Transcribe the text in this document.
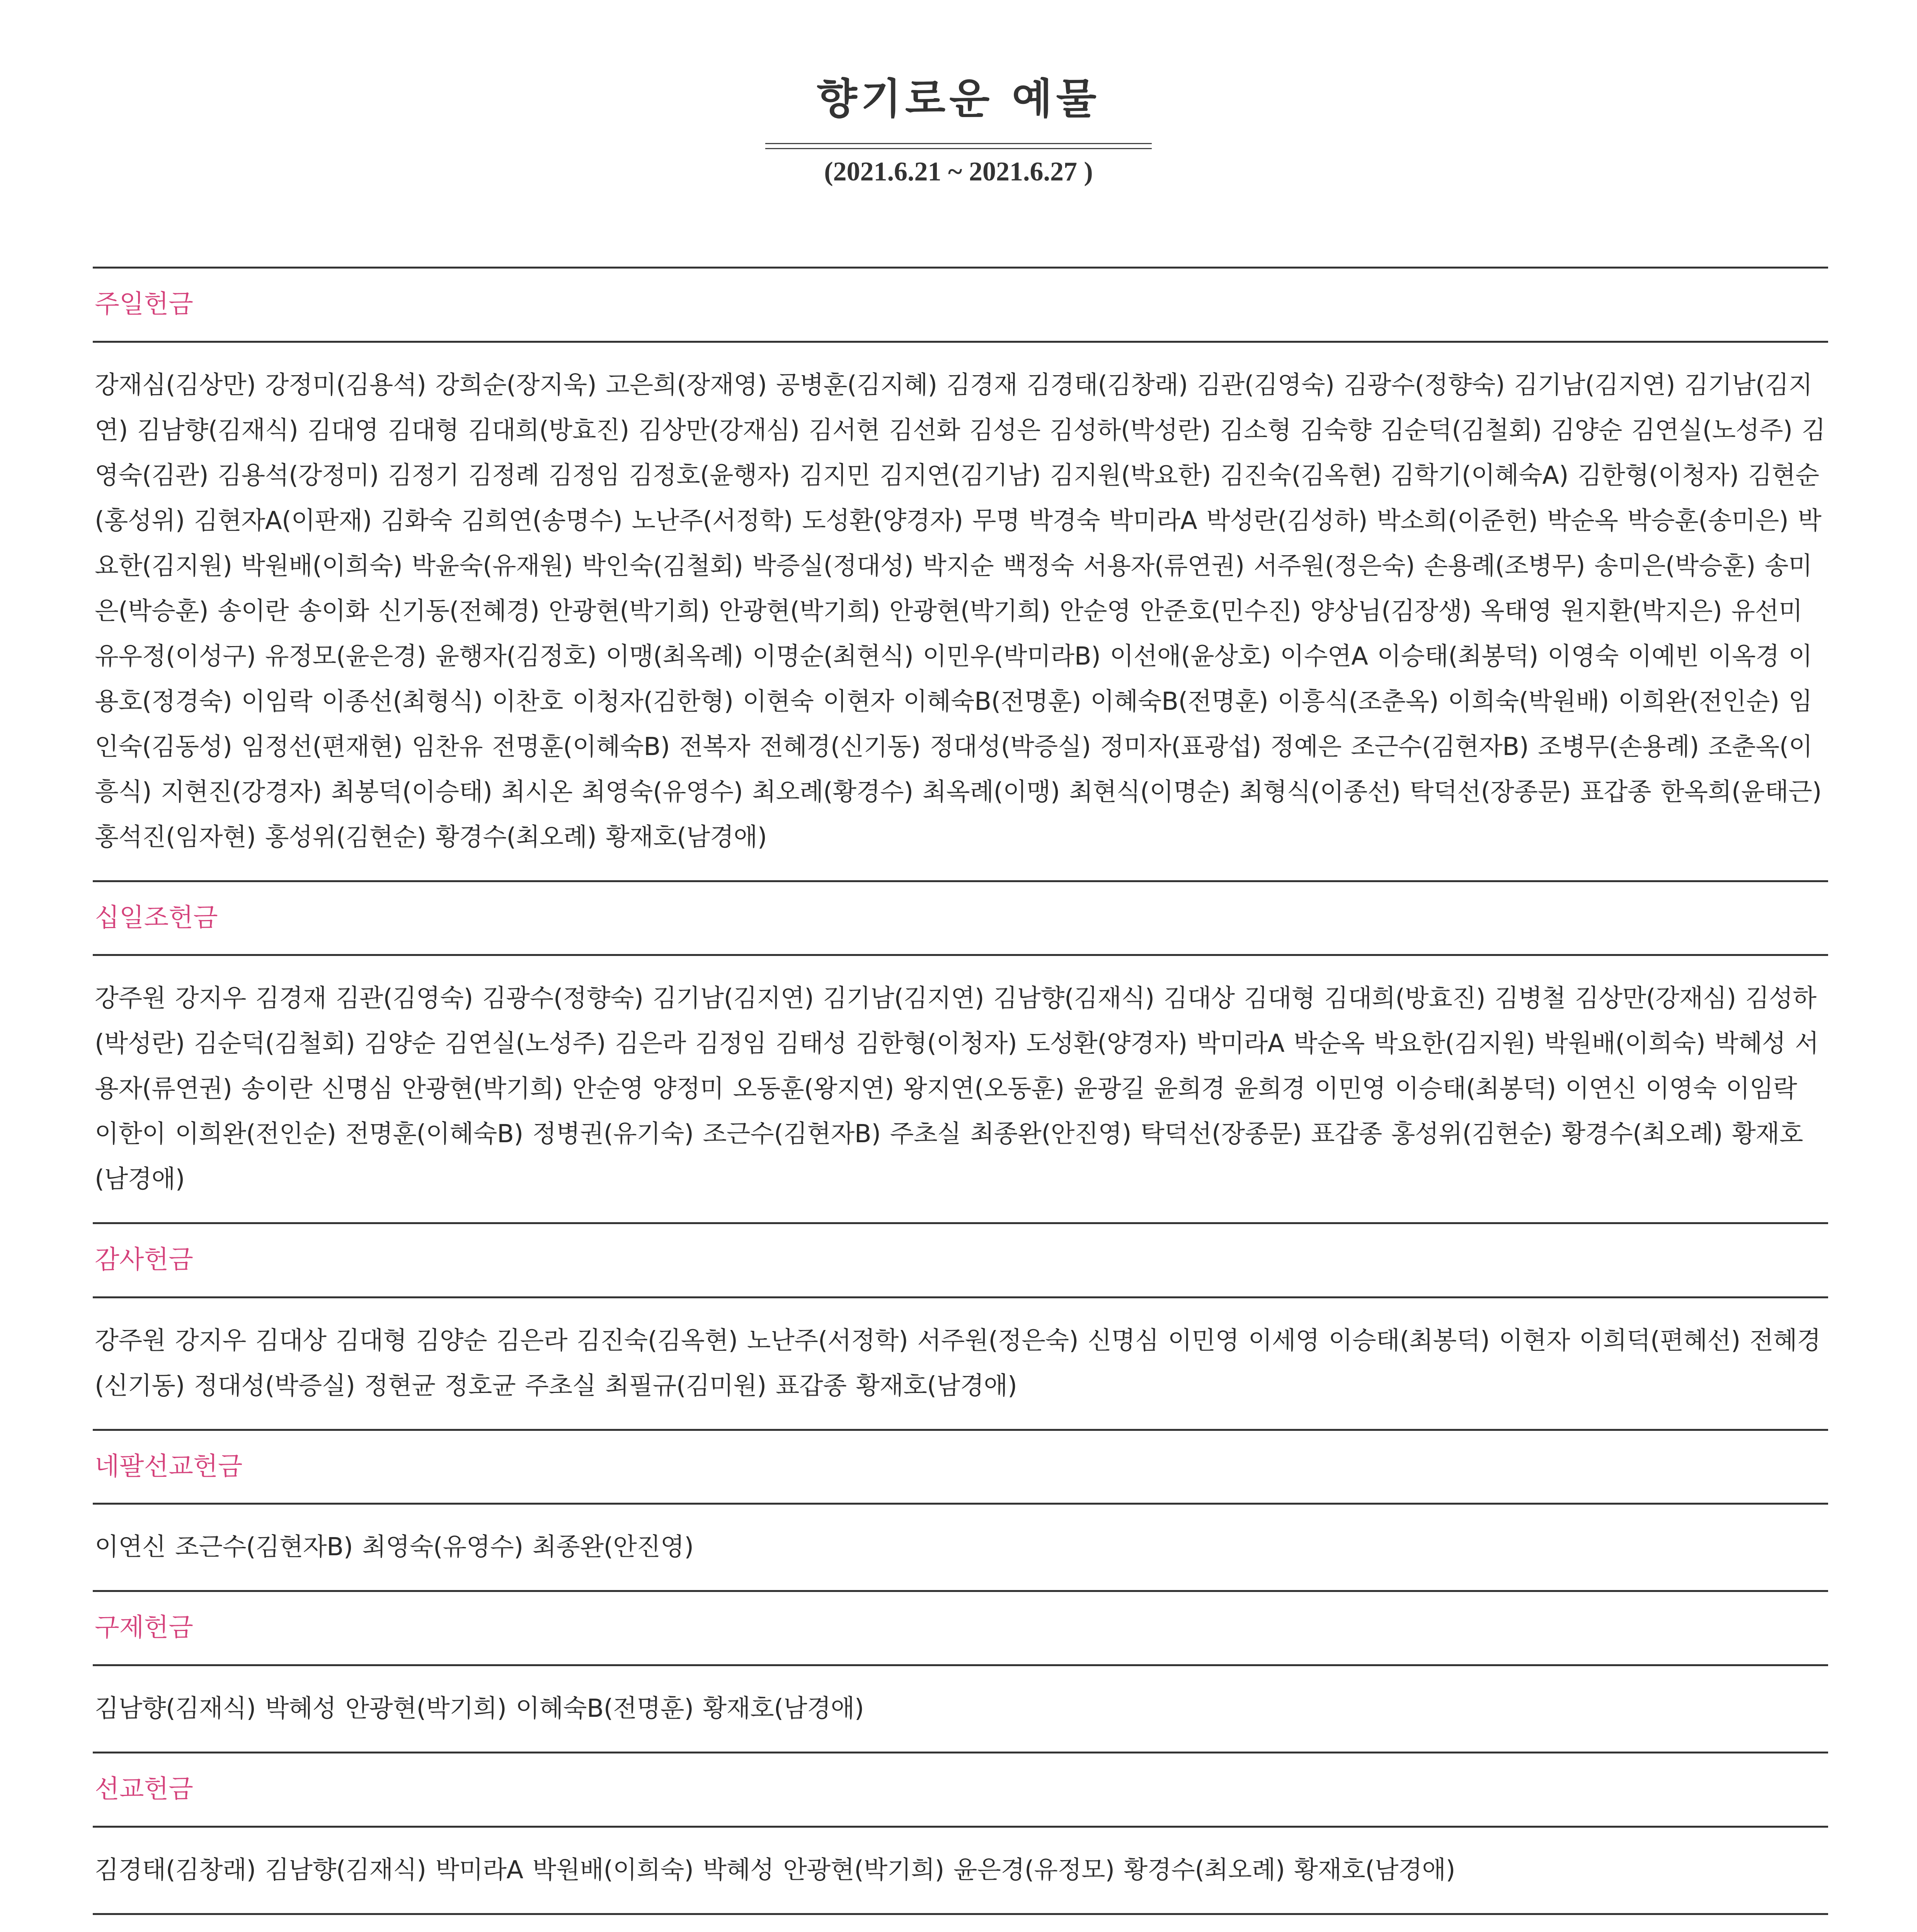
향기로운 예물
(2021.6.21 ~ 2021.6.27 )
주일헌금
강재심(김상만) 강정미(김용석) 강희순(장지욱) 고은희(장재영) 공병훈(김지혜) 김경재 김경태(김창래) 김관(김영숙) 김광수(정향숙) 김기남(김지연) 김기남(김지연) 김남향(김재식) 김대영 김대형 김대희(방효진) 김상만(강재심) 김서현 김선화 김성은 김성하(박성란) 김소형 김숙향 김순덕(김철회) 김양순 김연실(노성주) 김영숙(김관) 김용석(강정미) 김정기 김정례 김정임 김정호(윤행자) 김지민 김지연(김기남) 김지원(박요한) 김진숙(김옥현) 김학기(이혜숙A) 김한형(이청자) 김현순(홍성위) 김현자A(이판재) 김화숙 김희연(송명수) 노난주(서정학) 도성환(양경자) 무명 박경숙 박미라A 박성란(김성하) 박소희(이준헌) 박순옥 박승훈(송미은) 박요한(김지원) 박원배(이희숙) 박윤숙(유재원) 박인숙(김철회) 박증실(정대성) 박지순 백정숙 서용자(류연권) 서주원(정은숙) 손용례(조병무) 송미은(박승훈) 송미은(박승훈) 송이란 송이화 신기동(전혜경) 안광현(박기희) 안광현(박기희) 안광현(박기희) 안순영 안준호(민수진) 양상님(김장생) 옥태영 원지환(박지은) 유선미 유우정(이성구) 유정모(윤은경) 윤행자(김정호) 이맹(최옥례) 이명순(최현식) 이민우(박미라B) 이선애(윤상호) 이수연A 이승태(최봉덕) 이영숙 이예빈 이옥경 이용호(정경숙) 이임락 이종선(최형식) 이찬호 이청자(김한형) 이현숙 이현자 이혜숙B(전명훈) 이혜숙B(전명훈) 이흥식(조춘옥) 이희숙(박원배) 이희완(전인순) 임인숙(김동성) 임정선(편재현) 임찬유 전명훈(이혜숙B) 전복자 전혜경(신기동) 정대성(박증실) 정미자(표광섭) 정예은 조근수(김현자B) 조병무(손용례) 조춘옥(이흥식) 지현진(강경자) 최봉덕(이승태) 최시온 최영숙(유영수) 최오례(황경수) 최옥례(이맹) 최현식(이명순) 최형식(이종선) 탁덕선(장종문) 표갑종 한옥희(윤태근) 홍석진(임자현) 홍성위(김현순) 황경수(최오례) 황재호(남경애)
십일조헌금
강주원 강지우 김경재 김관(김영숙) 김광수(정향숙) 김기남(김지연) 김기남(김지연) 김남향(김재식) 김대상 김대형 김대희(방효진) 김병철 김상만(강재심) 김성하(박성란) 김순덕(김철회) 김양순 김연실(노성주) 김은라 김정임 김태성 김한형(이청자) 도성환(양경자) 박미라A 박순옥 박요한(김지원) 박원배(이희숙) 박혜성 서용자(류연권) 송이란 신명심 안광현(박기희) 안순영 양정미 오동훈(왕지연) 왕지연(오동훈) 윤광길 윤희경 윤희경 이민영 이승태(최봉덕) 이연신 이영숙 이임락 이한이 이희완(전인순) 전명훈(이혜숙B) 정병권(유기숙) 조근수(김현자B) 주초실 최종완(안진영) 탁덕선(장종문) 표갑종 홍성위(김현순) 황경수(최오례) 황재호(남경애)
감사헌금
강주원 강지우 김대상 김대형 김양순 김은라 김진숙(김옥현) 노난주(서정학) 서주원(정은숙) 신명심 이민영 이세영 이승태(최봉덕) 이현자 이희덕(편혜선) 전혜경(신기동) 정대성(박증실) 정현균 정호균 주초실 최필규(김미원) 표갑종 황재호(남경애)
네팔선교헌금
이연신 조근수(김현자B) 최영숙(유영수) 최종완(안진영)
구제헌금
김남향(김재식) 박혜성 안광현(박기희) 이혜숙B(전명훈) 황재호(남경애)
선교헌금
김경태(김창래) 김남향(김재식) 박미라A 박원배(이희숙) 박혜성 안광현(박기희) 윤은경(유정모) 황경수(최오례) 황재호(남경애)
